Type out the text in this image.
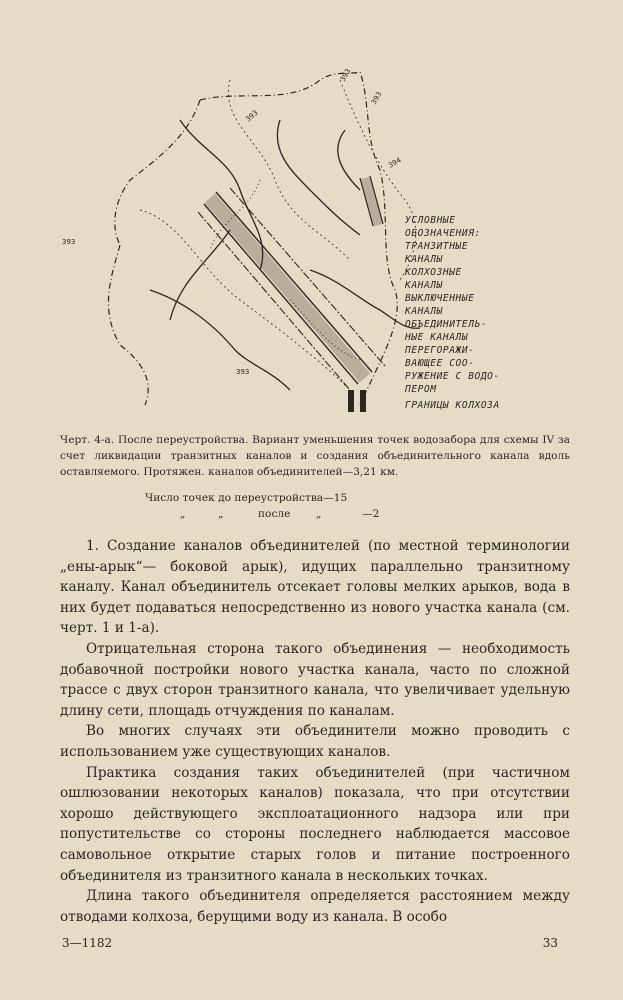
393
393
393
393
393
394
УСЛОВНЫЕ
ОБОЗНАЧЕНИЯ:
ТРАНЗИТНЫЕ
КАНАЛЫ
КОЛХОЗНЫЕ
КАНАЛЫ
ВЫКЛЮЧЕННЫЕ
КАНАЛЫ
ОБЪЕДИНИТЕЛЬ-
НЫЕ КАНАЛЫ
ПЕРЕГОРАЖИ-
ВАЮЩЕЕ СОО-
РУЖЕНИЕ С ВОДО-
ПЕРОМ
ГРАНИЦЫ КОЛХОЗА
Черт. 4-а. После переустройства. Вариант уменьшения точек водозабора для схемы IV за счет ликвидации транзитных каналов и создания объединительного канала вдоль оставляемого. Протяжен. каналов объединителей—3,21 км.
Число точек до переустройства—15
„	„	после „	—2

1. Создание каналов объединителей (по местной терминологии „ены-арык“— боковой арык), идущих параллельно транзитному каналу. Канал объединитель отсекает головы мелких арыков, вода в них будет подаваться непосредственно из нового участка канала (см. черт. 1 и 1-а).

Отрицательная сторона такого объединения — необходимость добавочной постройки нового участка канала, часто по сложной трассе с двух сторон транзитного канала, что увеличивает удельную длину сети, площадь отчуждения по каналам.

Во многих случаях эти объединители можно проводить с использованием уже существующих каналов.

Практика создания таких объединителей (при частичном ошлюзовании некоторых каналов) показала, что при отсутствии хорошо действующего эксплоатационного надзора или при попустительстве со стороны последнего наблюдается массовое самовольное открытие старых голов и питание построенного объединителя из транзитного канала в нескольких точках.

Длина такого объединителя определяется расстоянием между отводами колхоза, берущими воду из канала. В особо

3—1182	33
